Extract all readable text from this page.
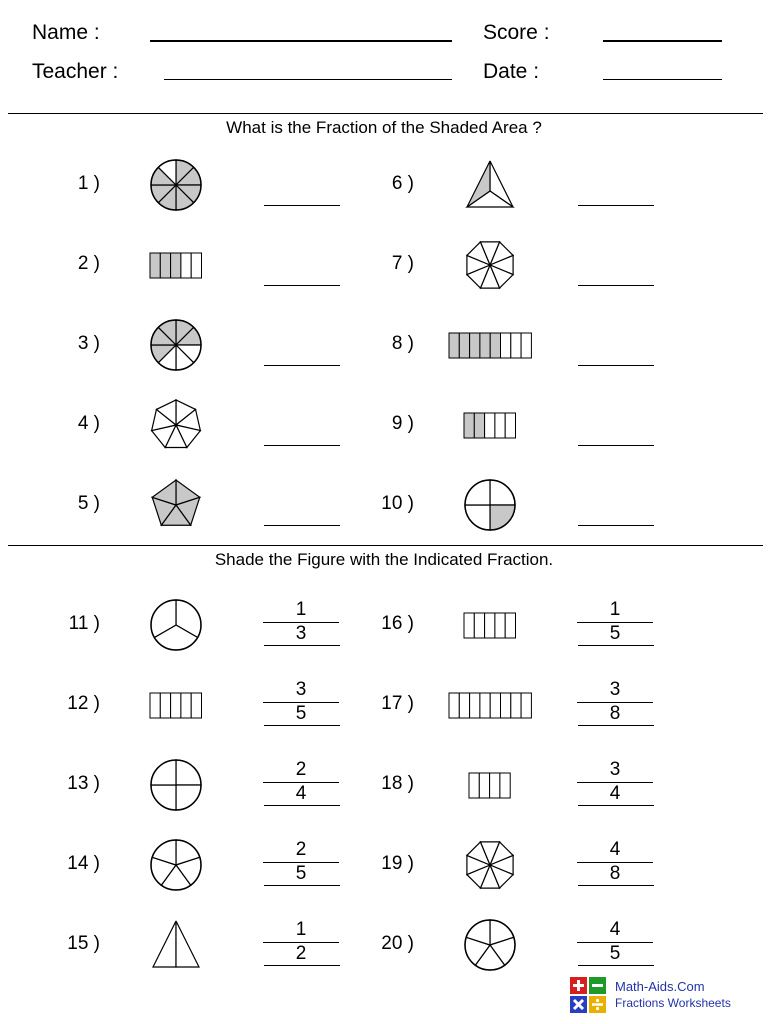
Name :
Teacher :
Score :
Date :
What is the Fraction of the Shaded Area ?
1 )
2 )
3 )
4 )
5 )
6 )
7 )
8 )
9 )
10 )
Shade the Figure with the Indicated Fraction.
11 )
1
3
12 )
3
5
13 )
2
4
14 )
2
5
15 )
1
2
16 )
1
5
17 )
3
8
18 )
3
4
19 )
4
8
20 )
4
5
Math-Aids.Com
Fractions Worksheets
